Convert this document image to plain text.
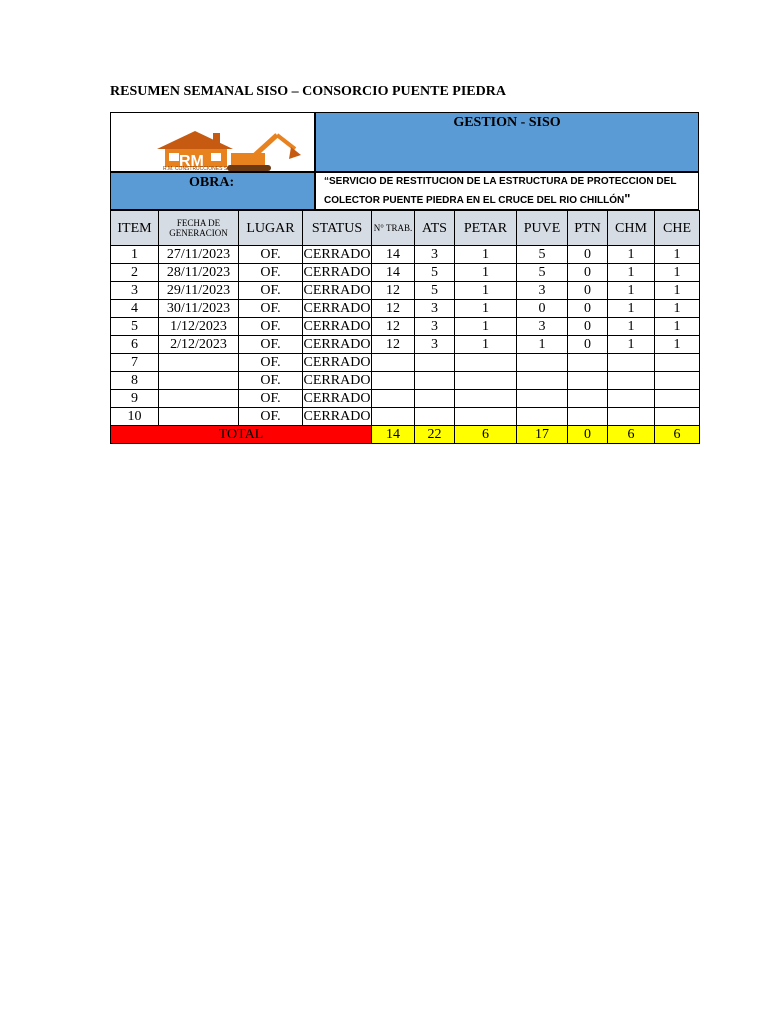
RESUMEN SEMANAL SISO – CONSORCIO PUENTE PIEDRA
RM
R.M. CONSTRUCCIONES S.R.L.
GESTION - SISO
OBRA:	“SERVICIO DE RESTITUCION DE LA ESTRUCTURA DE PROTECCION DEL COLECTOR PUENTE PIEDRA EN EL CRUCE DEL RIO CHILLÓN"
ITEM	FECHA DE GENERACION	LUGAR	STATUS	N° TRAB.	ATS	PETAR	PUVE	PTN	CHM	CHE
1	27/11/2023	OF.	CERRADO	14	3	1	5	0	1	1
2	28/11/2023	OF.	CERRADO	14	5	1	5	0	1	1
3	29/11/2023	OF.	CERRADO	12	5	1	3	0	1	1
4	30/11/2023	OF.	CERRADO	12	3	1	0	0	1	1
5	1/12/2023	OF.	CERRADO	12	3	1	3	0	1	1
6	2/12/2023	OF.	CERRADO	12	3	1	1	0	1	1
7		OF.	CERRADO							
8		OF.	CERRADO							
9		OF.	CERRADO							
10		OF.	CERRADO							
TOTAL				14	22	6	17	0	6	6
